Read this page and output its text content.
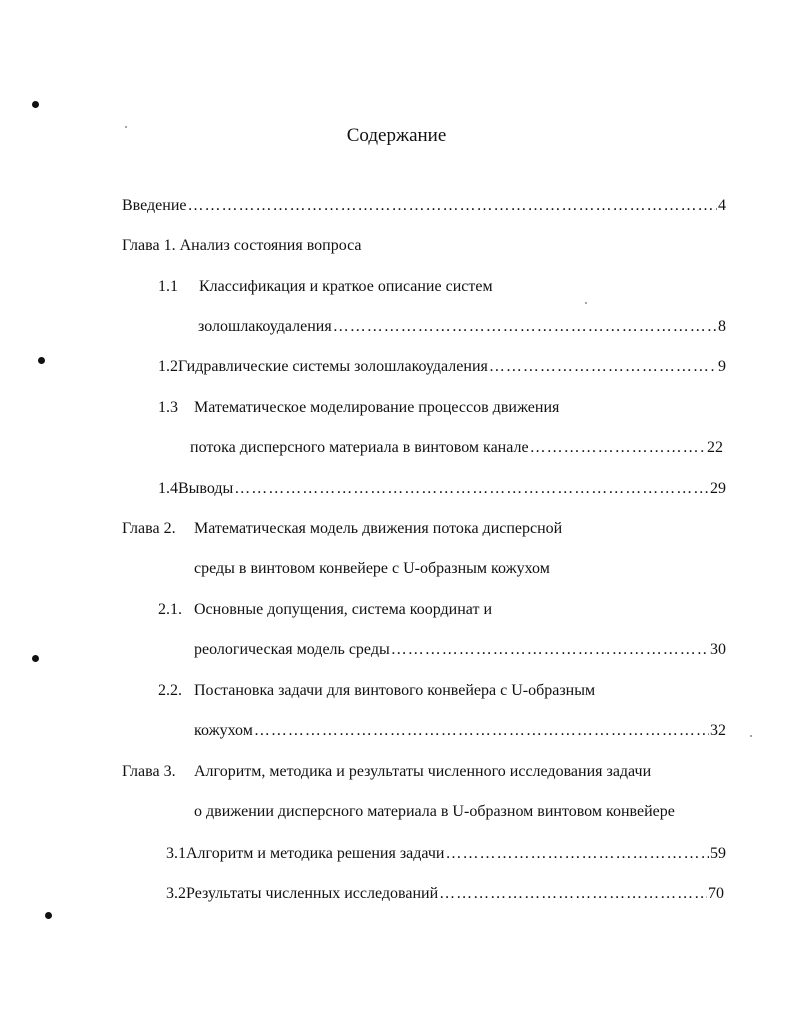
Содержание
Введение ………………………………………………………………………………………………………………………………………………	4
Глава 1. Анализ состояния вопроса
1.1 Классификация и краткое описание систем
золошлакоудаления ………………………………………………………………………………………………………………………………………………	8
1.2 Гидравлические системы золошлакоудаления ………………………………………………………………………………………………………………………………………………	9
1.3 Математическое моделирование процессов движения
потока дисперсного материала в винтовом канале ………………………………………………………………………………………………………………………………………………	22
1.4 Выводы ………………………………………………………………………………………………………………………………………………	29
Глава 2. Математическая модель движения потока дисперсной
среды в винтовом конвейере с U-образным кожухом
2.1. Основные допущения, система координат и
реологическая модель среды ………………………………………………………………………………………………………………………………………………	30
2.2. Постановка задачи для винтового конвейера с U-образным
кожухом ………………………………………………………………………………………………………………………………………………	32
Глава 3. Алгоритм, методика и результаты численного исследования задачи
о движении дисперсного материала в U-образном винтовом конвейере
3.1 Алгоритм и методика решения задачи ………………………………………………………………………………………………………………………………………………	59
3.2 Результаты численных исследований ………………………………………………………………………………………………………………………………………………	70
